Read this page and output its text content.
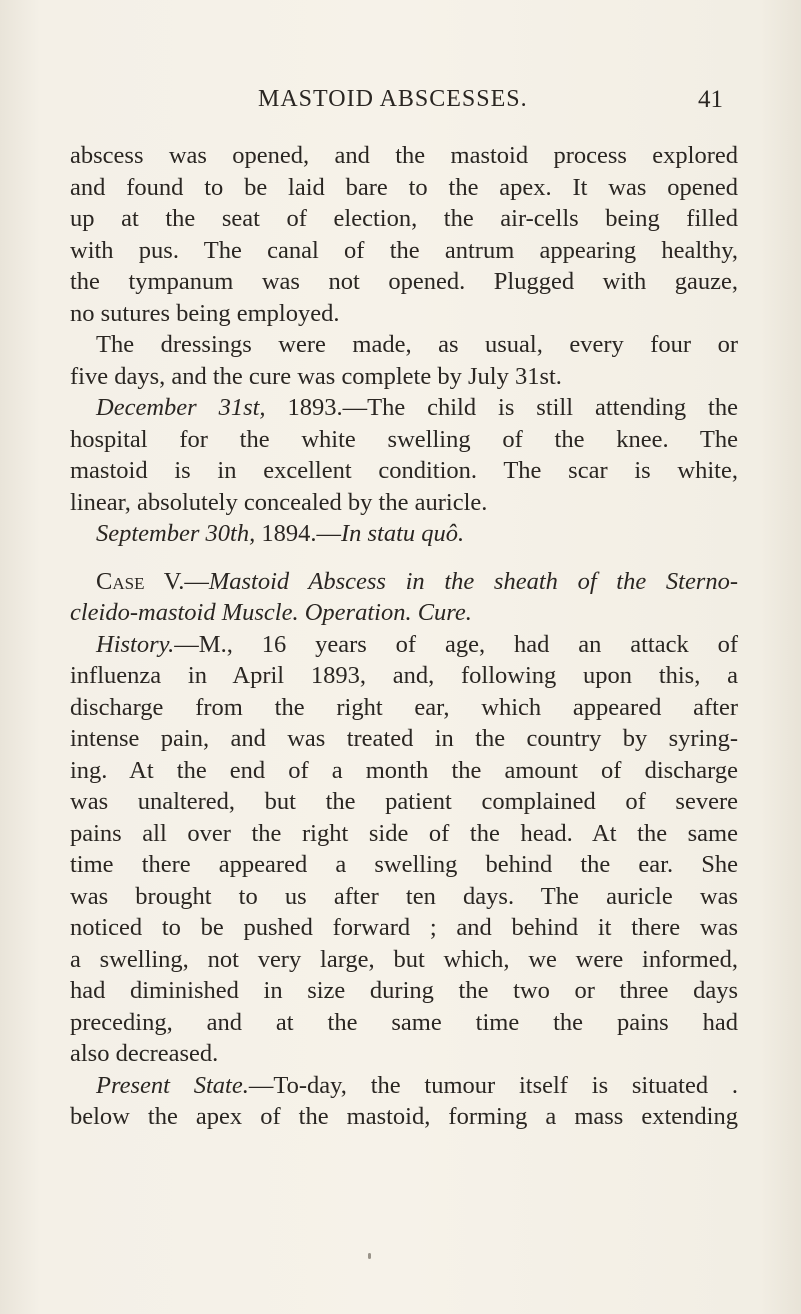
MASTOID ABSCESSES.	41
abscess was opened, and the mastoid process explored
and found to be laid bare to the apex. It was opened
up at the seat of election, the air-cells being filled
with pus. The canal of the antrum appearing healthy,
the tympanum was not opened. Plugged with gauze,
no sutures being employed.
The dressings were made, as usual, every four or
five days, and the cure was complete by July 31st.
December 31st, 1893.—The child is still attending the
hospital for the white swelling of the knee. The
mastoid is in excellent condition. The scar is white,
linear, absolutely concealed by the auricle.
September 30th, 1894.—In statu quô.
Case V.—Mastoid Abscess in the sheath of the Sterno-
cleido-mastoid Muscle. Operation. Cure.
History.—M., 16 years of age, had an attack of
influenza in April 1893, and, following upon this, a
discharge from the right ear, which appeared after
intense pain, and was treated in the country by syring-
ing. At the end of a month the amount of discharge
was unaltered, but the patient complained of severe
pains all over the right side of the head. At the same
time there appeared a swelling behind the ear. She
was brought to us after ten days. The auricle was
noticed to be pushed forward ; and behind it there was
a swelling, not very large, but which, we were informed,
had diminished in size during the two or three days
preceding, and at the same time the pains had
also decreased.
Present State.—To-day, the tumour itself is situated .
below the apex of the mastoid, forming a mass extending
